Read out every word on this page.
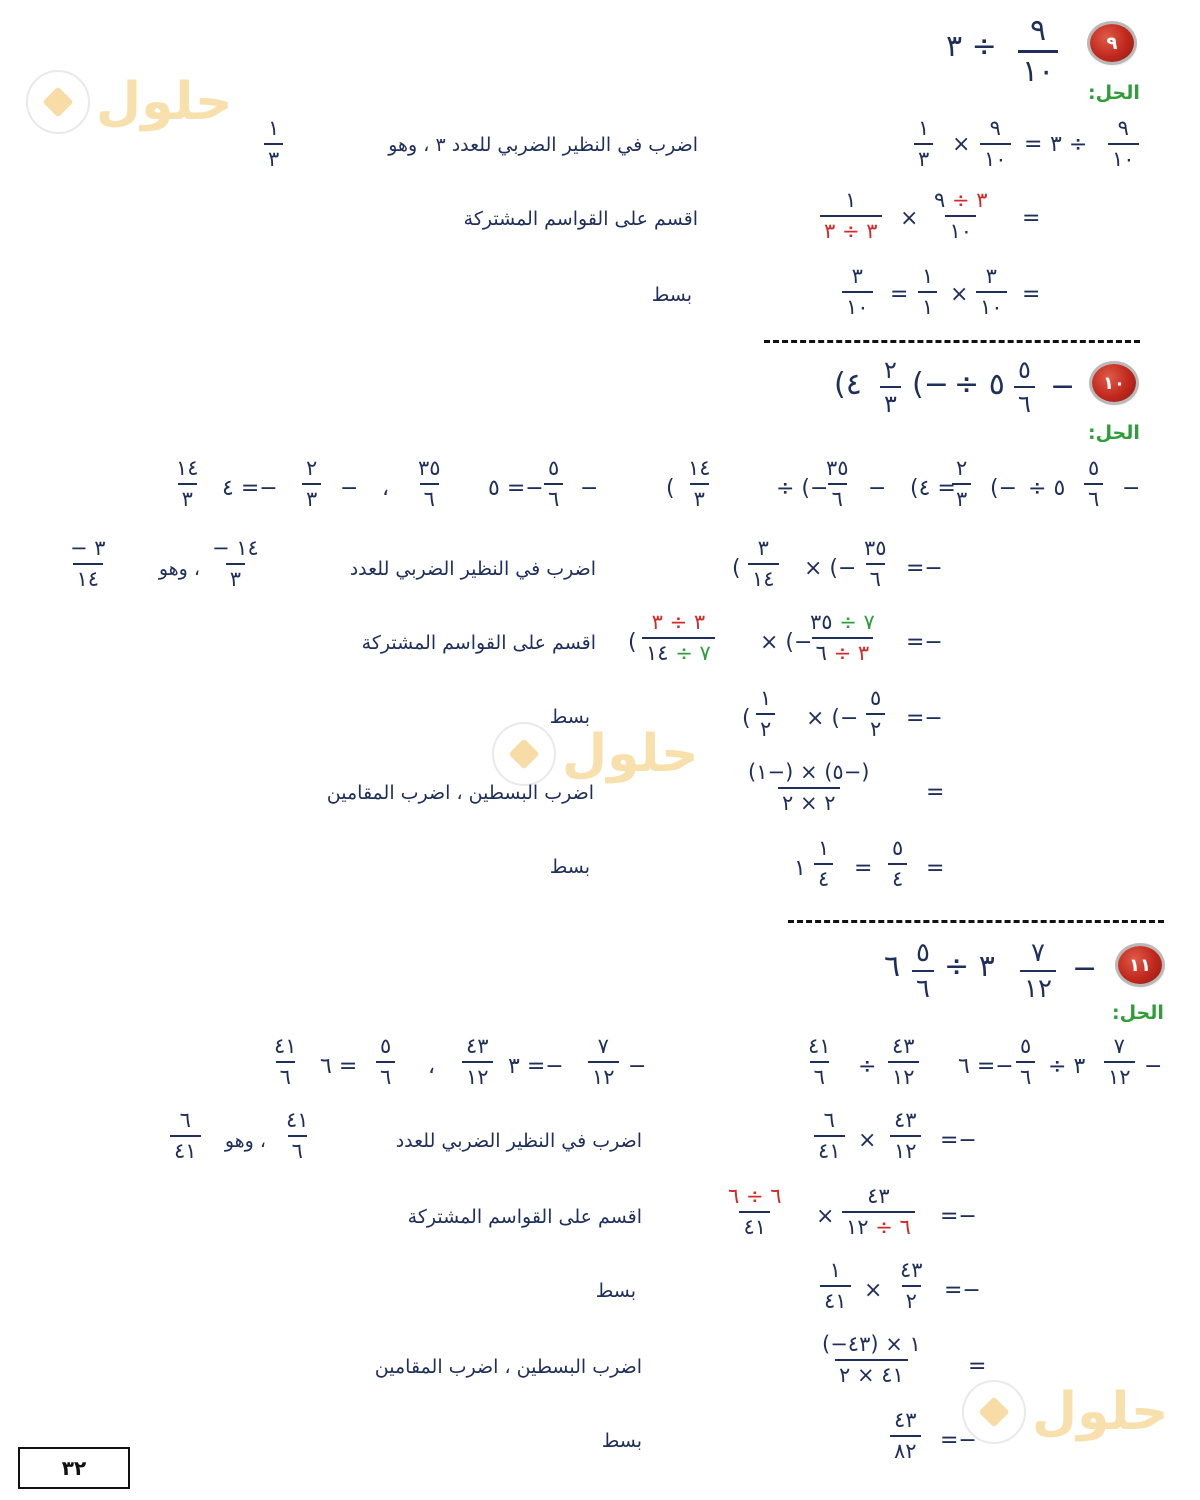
حلول
حلول
حلول
٩
٩
١٠
٣ ÷
الحل:
٩
١٠
٣ ÷
=
٩
١٠
×
١
٣
اضرب في النظير الضربي للعدد ٣ ، وهو
١
٣
=
٣ ÷ ٩
١٠
×
١
٣ ÷ ٣
اقسم على القواسم المشتركة
=
٣
١٠
×
١
١
=
٣
١٠
بسط
١٠
−
٥
٦
÷ ٥
(−
٢
٣
(٤
الحل:
−
٥
٦
÷ ٥
(−
٢
٣
(٤ =
−
٣٥
٦
÷ (−
١٤
٣
(
−
٥
٦
٥ =−
٣٥
٦
،
−
٢
٣
٤ =−
١٤
٣
=−
٣٥
٦
× (−
٣
١٤
(
اضرب في النظير الضربي للعدد
− ١٤
٣
، وهو
− ٣
١٤
=−
٧ ÷ ٣٥
٣ ÷ ٦
× (−
٣ ÷ ٣
٧ ÷ ١٤
(
اقسم على القواسم المشتركة
=−
٥
٢
× (−
١
٢
(
بسط
=
(١−) × (٥−)
٢ × ٢
اضرب البسطين ، اضرب المقامين
=
٥
٤
=
١
٤
١
بسط
١١
−
٧
١٢
÷ ٣
٥
٦
٦
الحل:
−
٧
١٢
÷ ٣
٥
٦
٦ =−
٤٣
١٢
÷
٤١
٦
−
٧
١٢
٣ =−
٤٣
١٢
،
٥
٦
٦ =
٤١
٦
=−
٤٣
١٢
×
٦
٤١
اضرب في النظير الضربي للعدد
٤١
٦
، وهو
٦
٤١
=−
٤٣
٦ ÷ ١٢
×
٦ ÷ ٦
٤١
اقسم على القواسم المشتركة
=−
٤٣
٢
×
١
٤١
بسط
=
١ × (٤٣−)
٤١ × ٢
اضرب البسطين ، اضرب المقامين
=−
٤٣
٨٢
بسط
٣٢
